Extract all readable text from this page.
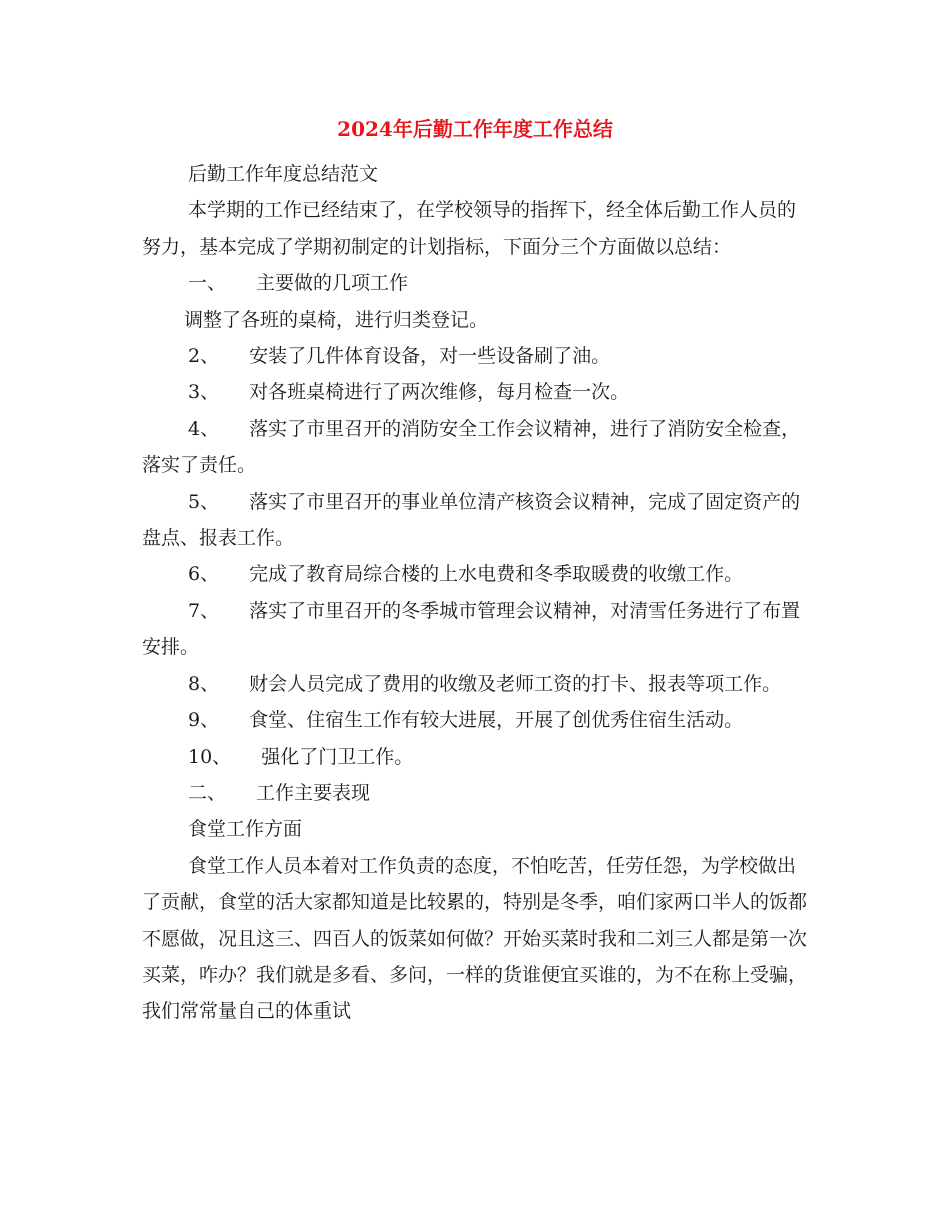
2024年后勤工作年度工作总结

后勤工作年度总结范文

本学期的工作已经结束了，在学校领导的指挥下，经全体后勤工作人员的努力，基本完成了学期初制定的计划指标，下面分三个方面做以总结：

一、 主要做的几项工作

调整了各班的桌椅，进行归类登记。

2、 安装了几件体育设备，对一些设备刷了油。

3、 对各班桌椅进行了两次维修，每月检查一次。

4、 落实了市里召开的消防安全工作会议精神，进行了消防安全检查，落实了责任。

5、 落实了市里召开的事业单位清产核资会议精神，完成了固定资产的盘点、报表工作。

6、 完成了教育局综合楼的上水电费和冬季取暖费的收缴工作。

7、 落实了市里召开的冬季城市管理会议精神，对清雪任务进行了布置安排。

8、 财会人员完成了费用的收缴及老师工资的打卡、报表等项工作。

9、 食堂、住宿生工作有较大进展，开展了创优秀住宿生活动。

10、 强化了门卫工作。

二、 工作主要表现

食堂工作方面

食堂工作人员本着对工作负责的态度，不怕吃苦，任劳任怨，为学校做出了贡献，食堂的活大家都知道是比较累的，特别是冬季，咱们家两口半人的饭都不愿做，况且这三、四百人的饭菜如何做？开始买菜时我和二刘三人都是第一次买菜，咋办？我们就是多看、多问，一样的货谁便宜买谁的，为不在称上受骗，我们常常量自己的体重试
